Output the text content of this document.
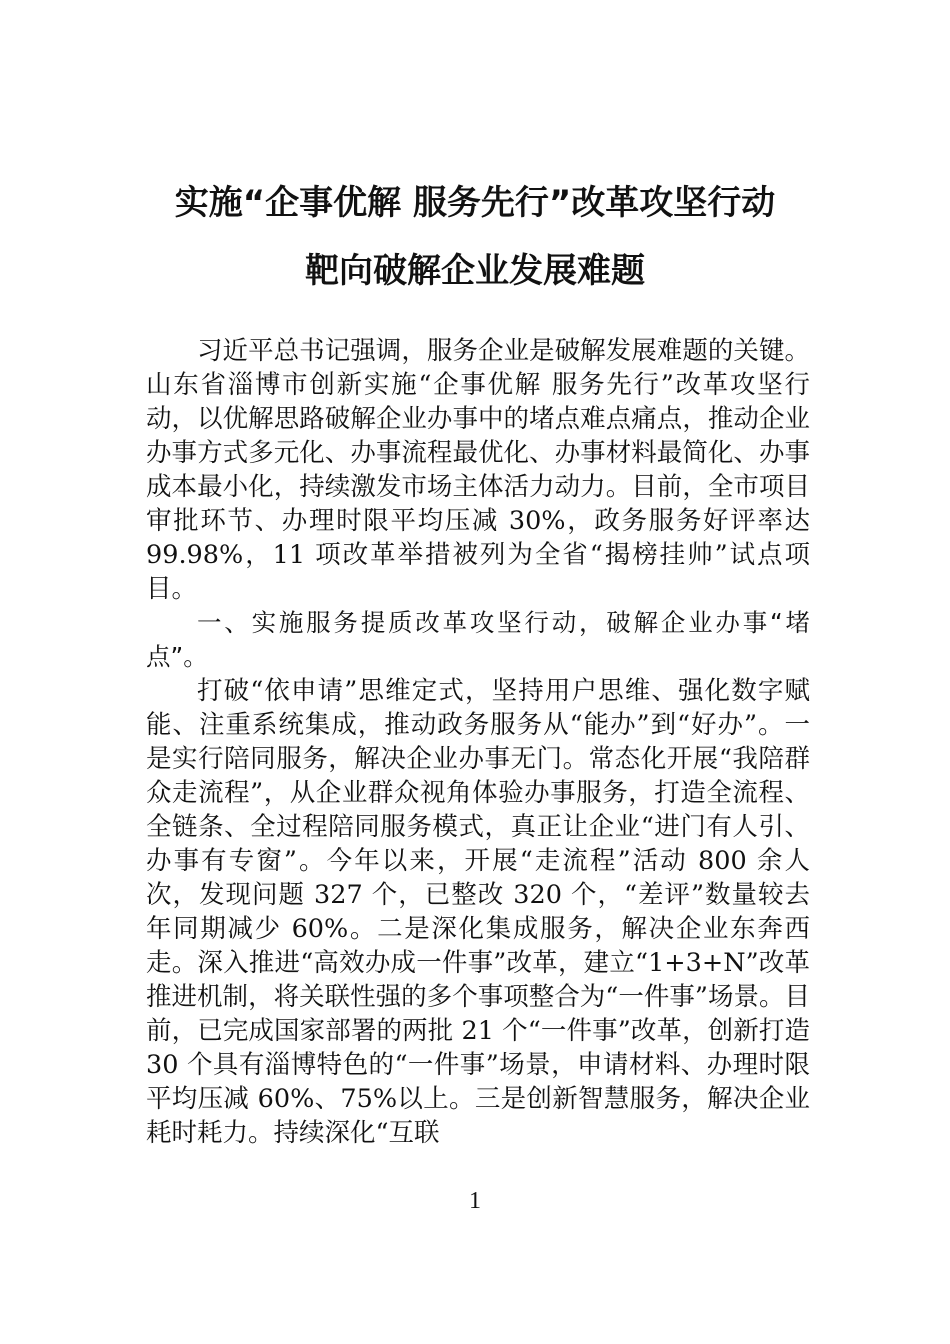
实施“企事优解 服务先行”改革攻坚行动
靶向破解企业发展难题

习近平总书记强调，服务企业是破解发展难题的关键。山东省淄博市创新实施“企事优解 服务先行”改革攻坚行动，以优解思路破解企业办事中的堵点难点痛点，推动企业办事方式多元化、办事流程最优化、办事材料最简化、办事成本最小化，持续激发市场主体活力动力。目前，全市项目审批环节、办理时限平均压减 30%，政务服务好评率达 99.98%，11 项改革举措被列为全省“揭榜挂帅”试点项目。

一、实施服务提质改革攻坚行动，破解企业办事“堵点”。

打破“依申请”思维定式，坚持用户思维、强化数字赋能、注重系统集成，推动政务服务从“能办”到“好办”。一是实行陪同服务，解决企业办事无门。常态化开展“我陪群众走流程”，从企业群众视角体验办事服务，打造全流程、全链条、全过程陪同服务模式，真正让企业“进门有人引、办事有专窗”。今年以来，开展“走流程”活动 800 余人次，发现问题 327 个，已整改 320 个，“差评”数量较去年同期减少 60%。二是深化集成服务，解决企业东奔西走。深入推进“高效办成一件事”改革，建立“1+3+N”改革推进机制，将关联性强的多个事项整合为“一件事”场景。目前，已完成国家部署的两批 21 个“一件事”改革，创新打造 30 个具有淄博特色的“一件事”场景，申请材料、办理时限平均压减 60%、75%以上。三是创新智慧服务，解决企业耗时耗力。持续深化“互联

1
